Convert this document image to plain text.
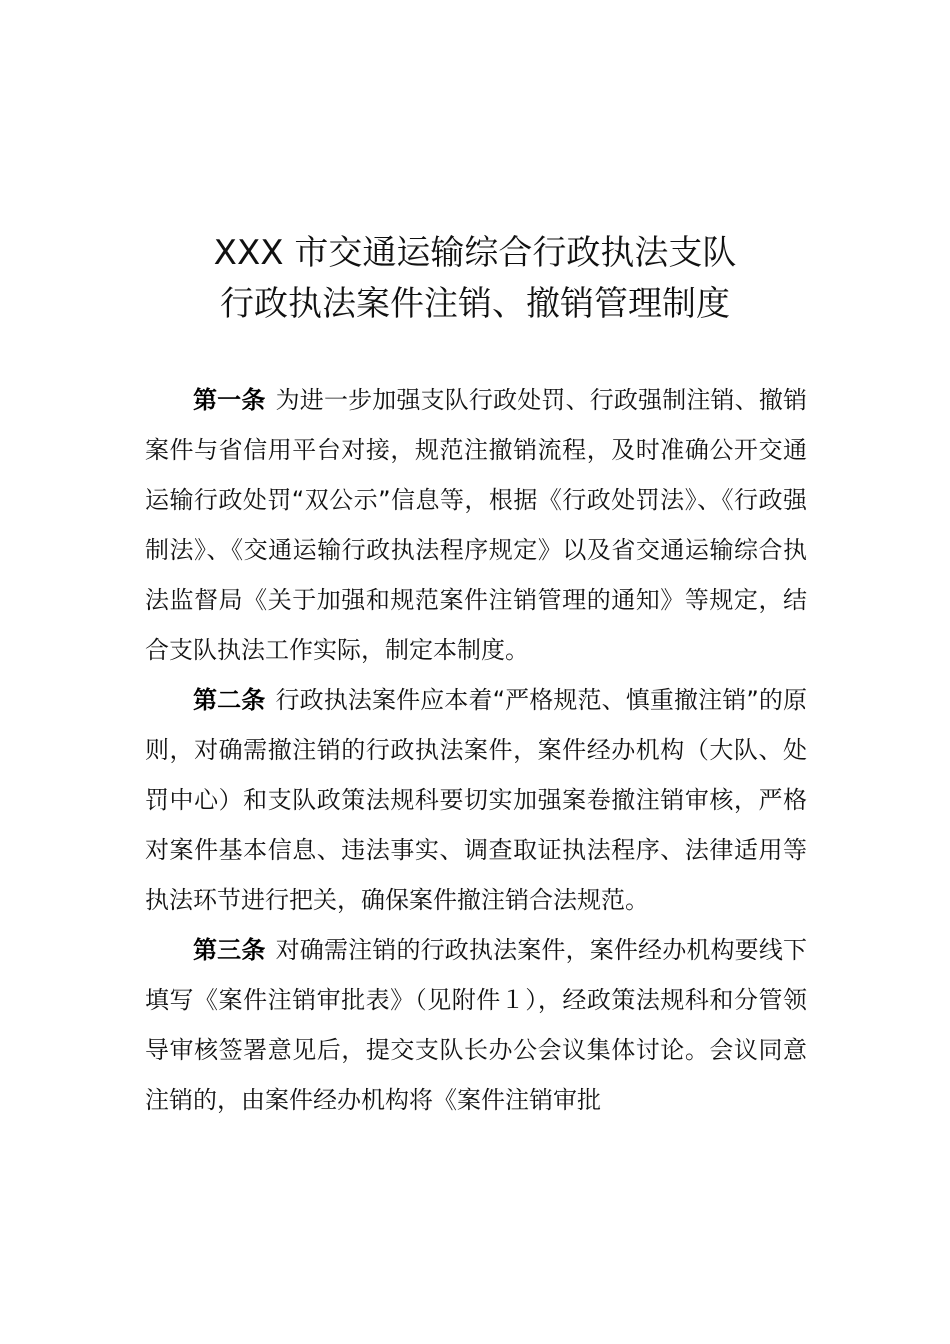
XXX 市交通运输综合行政执法支队
行政执法案件注销、撤销管理制度

第一条 为进一步加强支队行政处罚、行政强制注销、撤销案件与省信用平台对接，规范注撤销流程，及时准确公开交通运输行政处罚“双公示”信息等，根据《行政处罚法》、《行政强制法》、《交通运输行政执法程序规定》以及省交通运输综合执法监督局《关于加强和规范案件注销管理的通知》等规定，结合支队执法工作实际，制定本制度。

第二条 行政执法案件应本着“严格规范、慎重撤注销”的原则，对确需撤注销的行政执法案件，案件经办机构（大队、处罚中心）和支队政策法规科要切实加强案卷撤注销审核，严格对案件基本信息、违法事实、调查取证执法程序、法律适用等执法环节进行把关，确保案件撤注销合法规范。

第三条 对确需注销的行政执法案件，案件经办机构要线下填写《案件注销审批表》（见附件１），经政策法规科和分管领导审核签署意见后，提交支队长办公会议集体讨论。会议同意注销的，由案件经办机构将《案件注销审批
